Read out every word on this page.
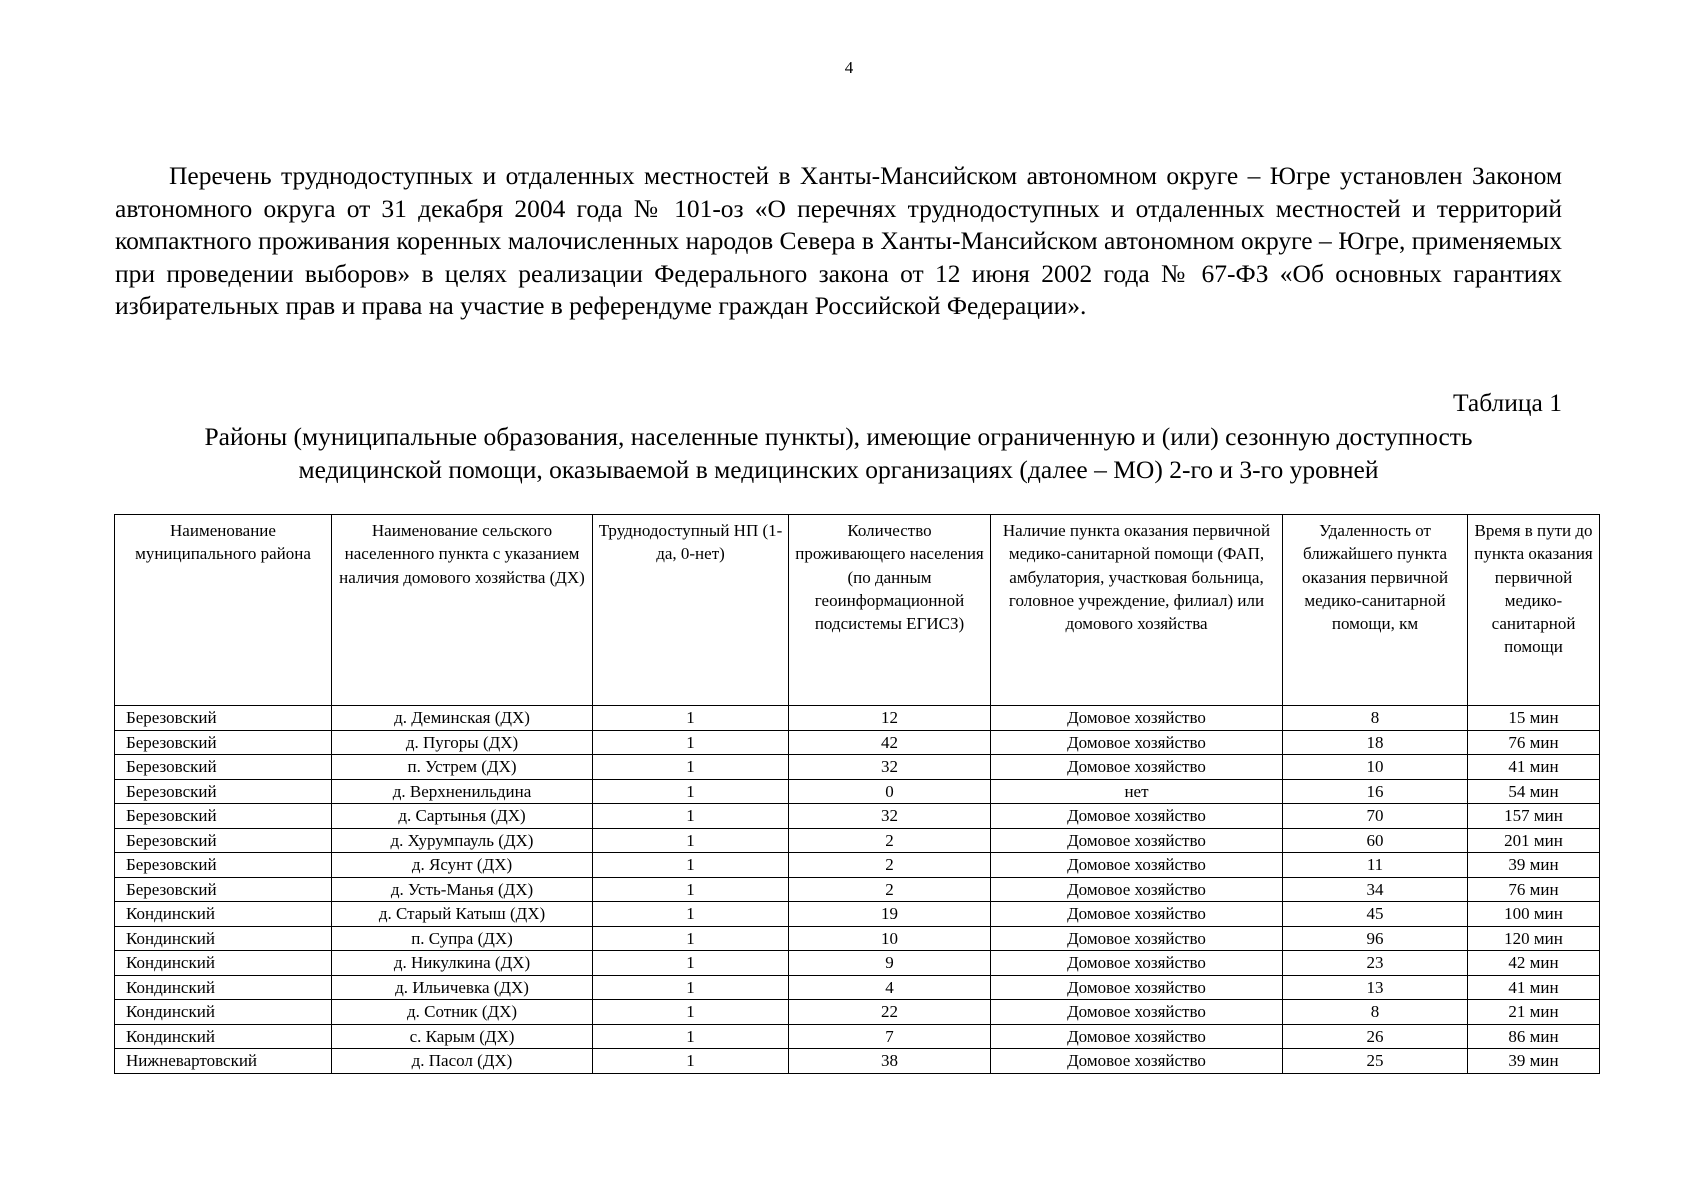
4

Перечень труднодоступных и отдаленных местностей в Ханты-Мансийском автономном округе – Югре установлен Законом автономного округа от 31 декабря 2004 года № 101-оз «О перечнях труднодоступных и отдаленных местностей и территорий компактного проживания коренных малочисленных народов Севера в Ханты-Мансийском автономном округе – Югре, применяемых при проведении выборов» в целях реализации Федерального закона от 12 июня 2002 года № 67-ФЗ «Об основных гарантиях избирательных прав и права на участие в референдуме граждан Российской Федерации».

Таблица 1
Районы (муниципальные образования, населенные пункты), имеющие ограниченную и (или) сезонную доступность
медицинской помощи, оказываемой в медицинских организациях (далее – МО) 2-го и 3-го уровней
Наименование муниципального района	Наименование сельского населенного пункта с указанием наличия домового хозяйства (ДХ)	Труднодоступный НП (1-да, 0-нет)	Количество проживающего населения (по данным геоинформационной подсистемы ЕГИСЗ)	Наличие пункта оказания первичной медико-санитарной помощи (ФАП, амбулатория, участковая больница, головное учреждение, филиал) или домового хозяйства	Удаленность от ближайшего пункта оказания первичной медико-санитарной помощи, км	Время в пути до пункта оказания первичной медико-санитарной помощи
Березовский	д. Деминская (ДХ)	1	12	Домовое хозяйство	8	15 мин
Березовский	д. Пугоры (ДХ)	1	42	Домовое хозяйство	18	76 мин
Березовский	п. Устрем (ДХ)	1	32	Домовое хозяйство	10	41 мин
Березовский	д. Верхненильдина	1	0	нет	16	54 мин
Березовский	д. Сартынья (ДХ)	1	32	Домовое хозяйство	70	157 мин
Березовский	д. Хурумпауль (ДХ)	1	2	Домовое хозяйство	60	201 мин
Березовский	д. Ясунт (ДХ)	1	2	Домовое хозяйство	11	39 мин
Березовский	д. Усть-Манья (ДХ)	1	2	Домовое хозяйство	34	76 мин
Кондинский	д. Старый Катыш (ДХ)	1	19	Домовое хозяйство	45	100 мин
Кондинский	п. Супра (ДХ)	1	10	Домовое хозяйство	96	120 мин
Кондинский	д. Никулкина (ДХ)	1	9	Домовое хозяйство	23	42 мин
Кондинский	д. Ильичевка (ДХ)	1	4	Домовое хозяйство	13	41 мин
Кондинский	д. Сотник (ДХ)	1	22	Домовое хозяйство	8	21 мин
Кондинский	с. Карым (ДХ)	1	7	Домовое хозяйство	26	86 мин
Нижневартовский	д. Пасол (ДХ)	1	38	Домовое хозяйство	25	39 мин
